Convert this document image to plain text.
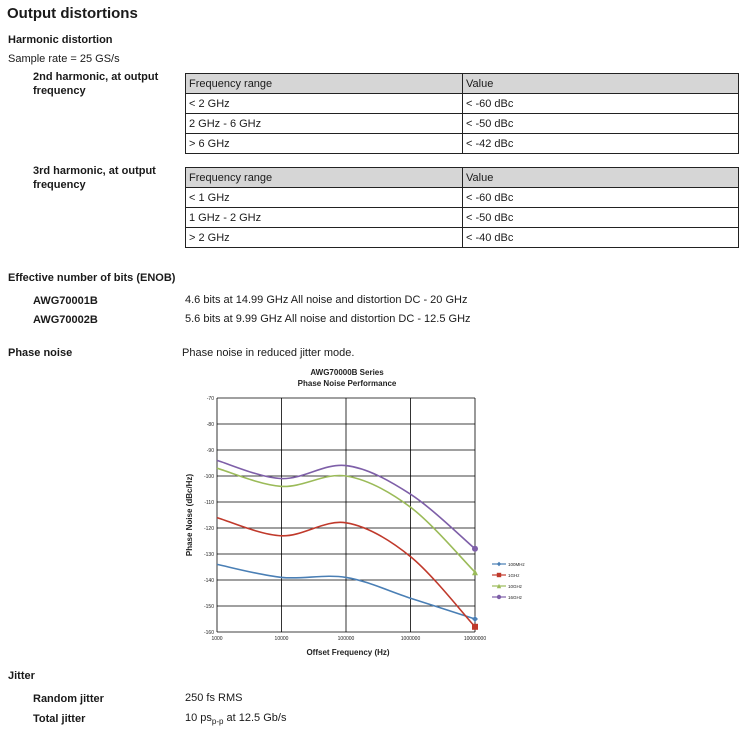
Output distortions
Harmonic distortion
Sample rate = 25 GS/s
2nd harmonic, at output
frequency
Frequency range	Value
< 2 GHz	< -60 dBc
2 GHz - 6 GHz	< -50 dBc
> 6 GHz	< -42 dBc
3rd harmonic, at output
frequency
Frequency range	Value
< 1 GHz	< -60 dBc
1 GHz - 2 GHz	< -50 dBc
> 2 GHz	< -40 dBc
Effective number of bits (ENOB)
AWG70001B	4.6 bits at 14.99 GHz All noise and distortion DC - 20 GHz
AWG70002B	5.6 bits at 9.99 GHz All noise and distortion DC - 12.5 GHz
Phase noise	Phase noise in reduced jitter mode.
AWG70000B Series
Phase Noise Performance
-70
-80
-90
-100
-110
-120
-130
-140
-150
-160
1000	10000	100000	1000000	10000000
Offset Frequency (Hz)
Phase Noise (dBc/Hz)
100MHz
1GHz
10GHz
16GHz
Jitter
Random jitter	250 fs RMS
Total jitter	10 $ps_{p-p}$ at 12.5 Gb/s
